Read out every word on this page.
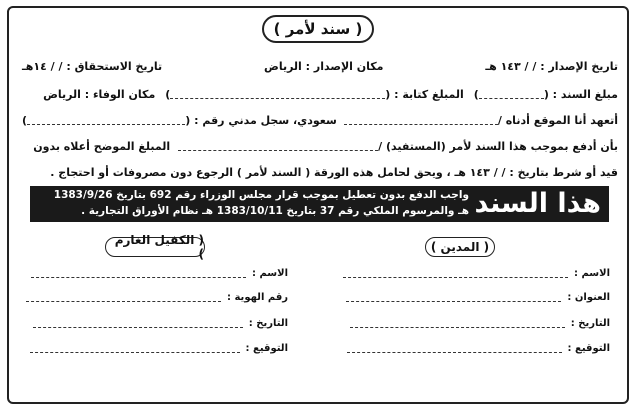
( سند لأمر )
تاريخ الإصدار : / / ١٤٣ هـ
مكان الإصدار : الرياض
تاريخ الاستحقاق : / / ١٤هـ
مبلغ السند : (
)
المبلغ كتابة : (
)
مكان الوفاء : الرياض
أتعهد أنا الموقع أدناه /
سعودي، سجل مدني رقم : (
)
بأن أدفع بموجب هذا السند لأمر (المستفيد) /
المبلغ الموضح أعلاه بدون
قيد أو شرط بتاريخ : / / ١٤٣ هـ ، ويحق لحامل هذه الورقة ( السند لأمر ) الرجوع دون مصروفات أو احتجاج .
هذا السند
واجب الدفع بدون تعطيل بموجب قرار مجلس الوزراء رقم 692 بتاريخ 1383/9/26
هـ والمرسوم الملكي رقم 37 بتاريخ 1383/10/11 هـ نظام الأوراق التجارية .
( المدين )
( الكفيل الغارم )
الاسم :
العنوان :
التاريخ :
التوقيع :
الاسم :
رقم الهوية :
التاريخ :
التوقيع :
